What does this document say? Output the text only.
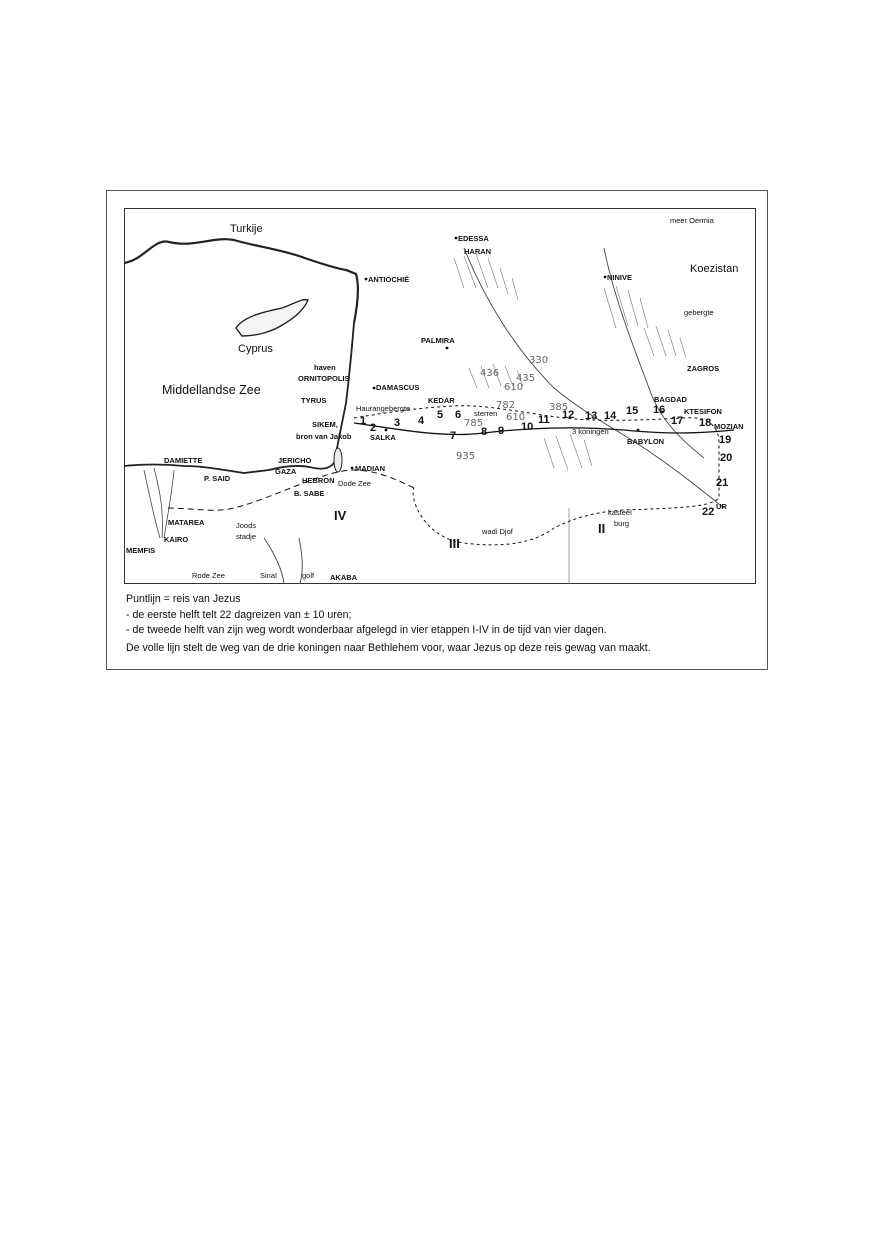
Turkije
Cyprus
Middellandse Zee
Koezistan
meer Oermia
gebergte
ZAGROS
Haurangebergte
Rode Zee	Sinaï	golf
Dode Zee
wadi Djof
sterren
3 koningen
kasteel
burg
Joods
stadje
EDESSA
HARAN
ANTIOCHIË	NINIVE
PALMIRA
haven
ORNITOPOLIS
DAMASCUS
TYRUS	KEDAR
SIKEM,
bron van Jakob SALKA
DAMIETTE	JERICHO
GAZA
P. SAID
MADIAN
HEBRON
B. SABE
MATAREA
KAIRO
MEMFIS
AKABA
BAGDAD
KTESIFON
MOZIAN
BABYLON
UR
1
2 3 4 5 6
7 8 9 10
11 12 13 14 15 16
17 18
19
20
21
22
II
III
IV
330
436 435
610
782
610
385
785
935
Puntlijn = reis van Jezus
- de eerste helft telt 22 dagreizen van ± 10 uren;
- de tweede helft van zijn weg wordt wonderbaar afgelegd in vier etappen I-IV in de tijd van vier dagen.
De volle lijn stelt de weg van de drie koningen naar Bethlehem voor, waar Jezus op deze reis gewag van maakt.
